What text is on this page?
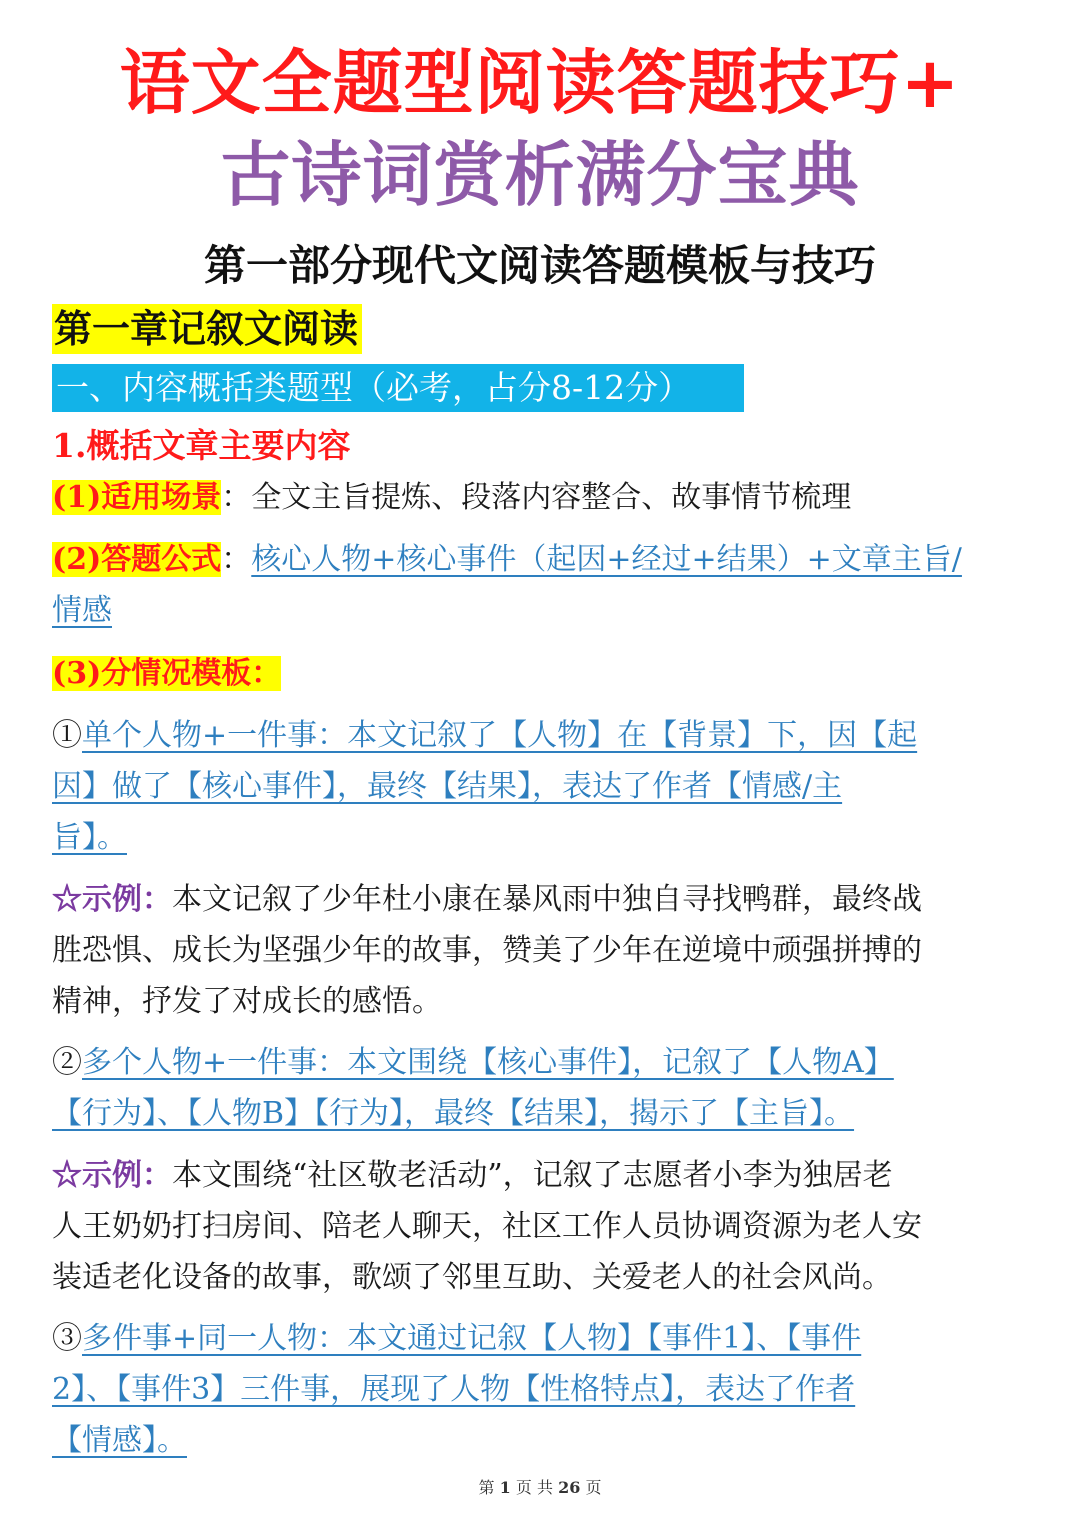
语文全题型阅读答题技巧+
古诗词赏析满分宝典
第一部分现代文阅读答题模板与技巧
第一章记叙文阅读
一、内容概括类题型（必考，占分8-12分）
1.概括文章主要内容
(1)适用场景：全文主旨提炼、段落内容整合、故事情节梳理
(2)答题公式：核心人物+核心事件（起因+经过+结果）+文章主旨/
情感
(3)分情况模板：
①单个人物+一件事：本文记叙了【人物】在【背景】下，因【起
因】做了【核心事件】，最终【结果】，表达了作者【情感/主
旨】。
☆示例：本文记叙了少年杜小康在暴风雨中独自寻找鸭群，最终战
胜恐惧、成长为坚强少年的故事，赞美了少年在逆境中顽强拼搏的
精神，抒发了对成长的感悟。
②多个人物+一件事：本文围绕【核心事件】，记叙了【人物A】
【行为】、【人物B】【行为】，最终【结果】，揭示了【主旨】。
☆示例：本文围绕“社区敬老活动”，记叙了志愿者小李为独居老
人王奶奶打扫房间、陪老人聊天，社区工作人员协调资源为老人安
装适老化设备的故事，歌颂了邻里互助、关爱老人的社会风尚。
③多件事+同一人物：本文通过记叙【人物】【事件1】、【事件
2】、【事件3】三件事，展现了人物【性格特点】，表达了作者
【情感】。
第 1 页 共 26 页
